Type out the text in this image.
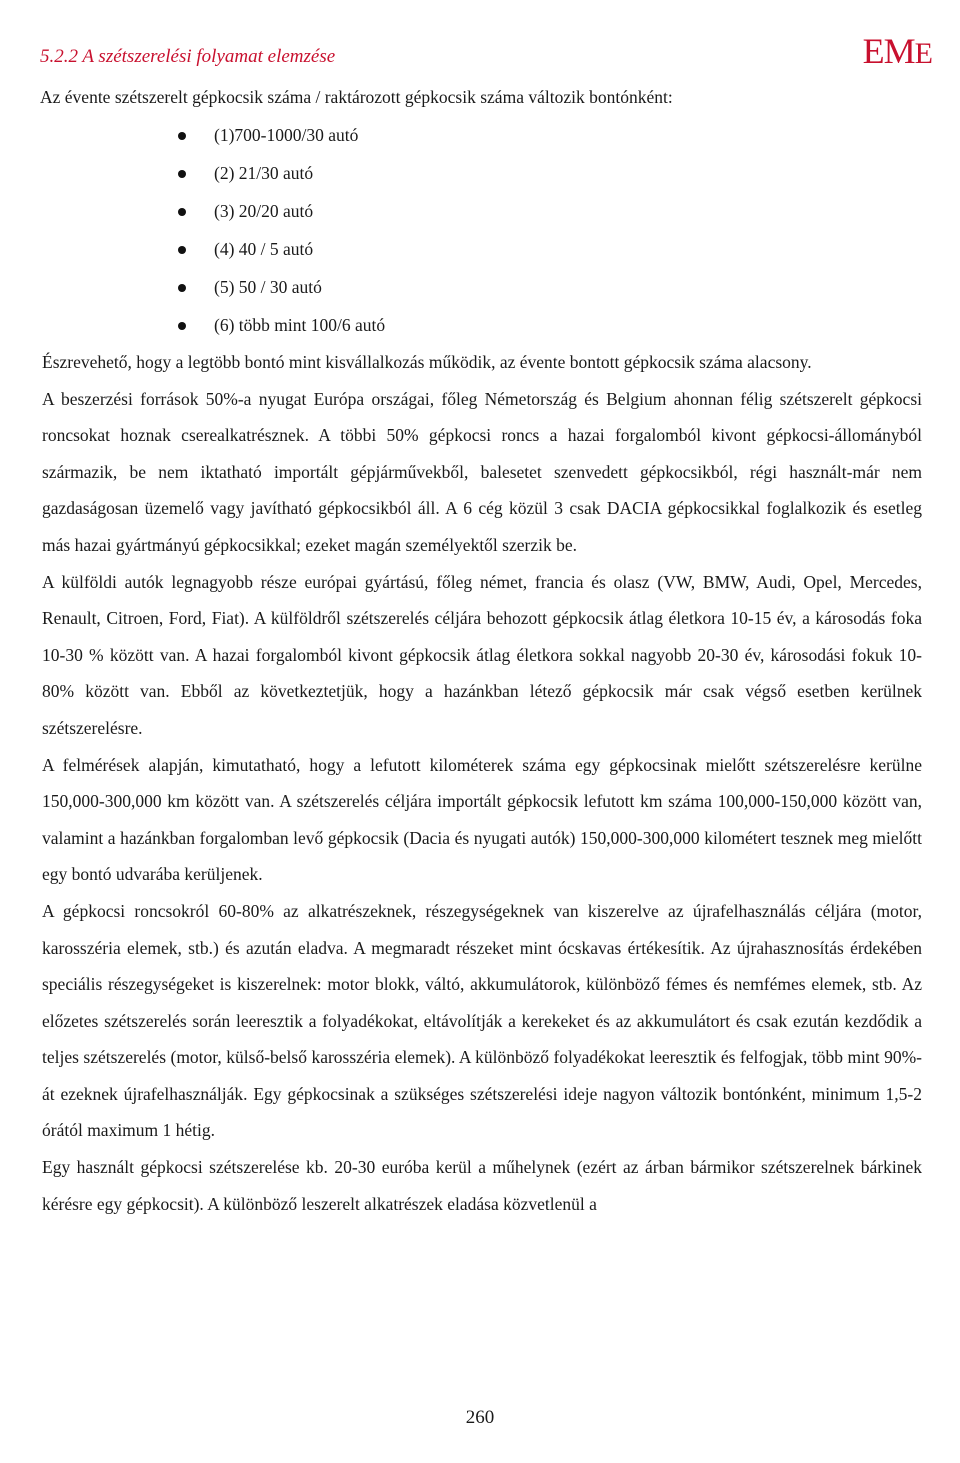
5.2.2 A szétszerelési folyamat elemzése	EME

Az évente szétszerelt gépkocsik száma / raktározott gépkocsik száma változik bontónként:

(1)700-1000/30 autó
(2) 21/30 autó
(3) 20/20 autó
(4) 40 / 5 autó
(5) 50 / 30 autó
(6) több mint 100/6 autó

Észrevehető, hogy a legtöbb bontó mint kisvállalkozás működik, az évente bontott gépkocsik száma alacsony.

A beszerzési források 50%-a nyugat Európa országai, főleg Németország és Belgium ahonnan félig szétszerelt gépkocsi roncsokat hoznak cserealkatrésznek. A többi 50% gépkocsi roncs a hazai forgalomból kivont gépkocsi-állományból származik, be nem iktatható importált gépjárművekből, balesetet szenvedett gépkocsikból, régi használt-már nem gazdaságosan üzemelő vagy javítható gépkocsikból áll. A 6 cég közül 3 csak DACIA gépkocsikkal foglalkozik és esetleg más hazai gyártmányú gépkocsikkal; ezeket magán személyektől szerzik be.

A külföldi autók legnagyobb része európai gyártású, főleg német, francia és olasz (VW, BMW, Audi, Opel, Mercedes, Renault, Citroen, Ford, Fiat). A külföldről szétszerelés céljára behozott gépkocsik átlag életkora 10-15 év, a károsodás foka 10-30 % között van. A hazai forgalomból kivont gépkocsik átlag életkora sokkal nagyobb 20-30 év, károsodási fokuk 10-80% között van. Ebből az következtetjük, hogy a hazánkban létező gépkocsik már csak végső esetben kerülnek szétszerelésre.

A felmérések alapján, kimutatható, hogy a lefutott kilométerek száma egy gépkocsinak mielőtt szétszerelésre kerülne 150,000-300,000 km között van. A szétszerelés céljára importált gépkocsik lefutott km száma 100,000-150,000 között van, valamint a hazánkban forgalomban levő gépkocsik (Dacia és nyugati autók) 150,000-300,000 kilométert tesznek meg mielőtt egy bontó udvarába kerüljenek.

A gépkocsi roncsokról 60-80% az alkatrészeknek, részegységeknek van kiszerelve az újrafelhasználás céljára (motor, karosszéria elemek, stb.) és azután eladva. A megmaradt részeket mint ócskavas értékesítik. Az újrahasznosítás érdekében speciális részegységeket is kiszerelnek: motor blokk, váltó, akkumulátorok, különböző fémes és nemfémes elemek, stb. Az előzetes szétszerelés során leeresztik a folyadékokat, eltávolítják a kerekeket és az akkumulátort és csak ezután kezdődik a teljes szétszerelés (motor, külső-belső karosszéria elemek). A különböző folyadékokat leeresztik és felfogjak, több mint 90%-át ezeknek újrafelhasználják. Egy gépkocsinak a szükséges szétszerelési ideje nagyon változik bontónként, minimum 1,5-2 órától maximum 1 hétig.

Egy használt gépkocsi szétszerelése kb. 20-30 euróba kerül a műhelynek (ezért az árban bármikor szétszerelnek bárkinek kérésre egy gépkocsit). A különböző leszerelt alkatrészek eladása közvetlenül a

260
